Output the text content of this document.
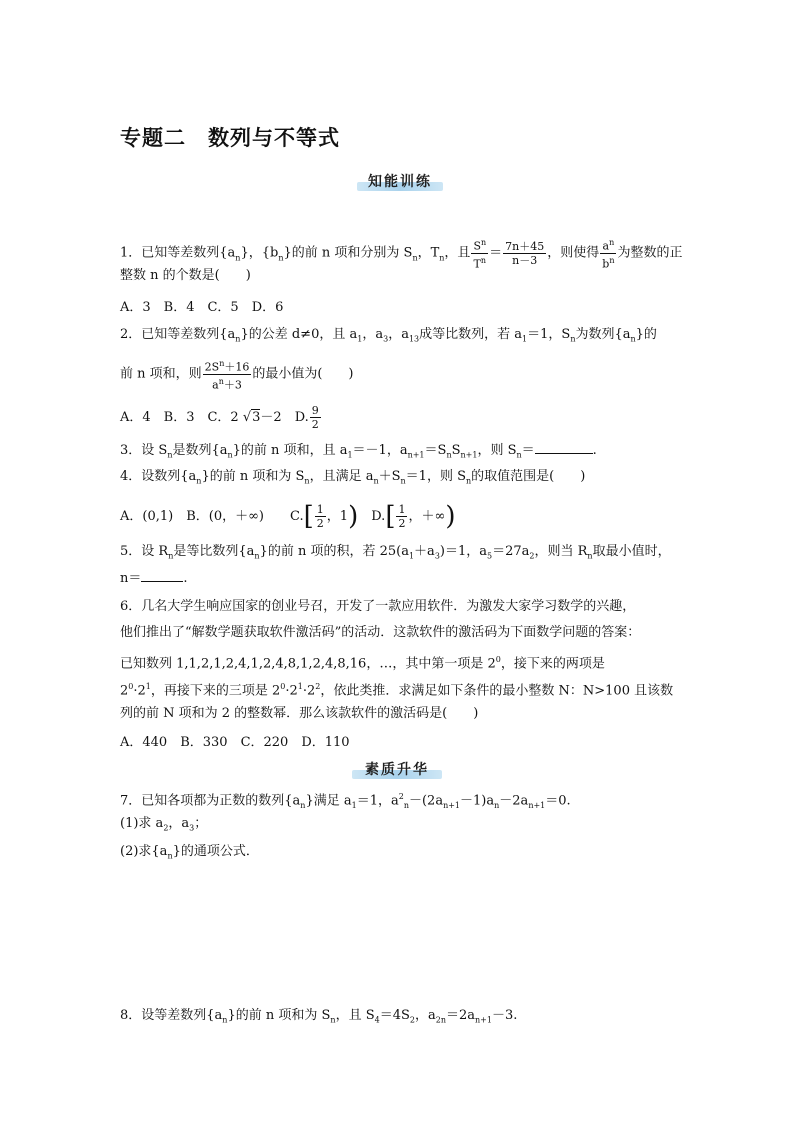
专题二　数列与不等式
知能训练
1．已知等差数列$\{a_n\}$，$\{b_n\}$的前 n 项和分别为 $S_n$，$T_n$，且 $\frac{S^n}{T^n} = \frac{7n+45}{n-3}$ ，则使得 $\frac{a^n}{b^n}$ 为整数的正
整数 n 的个数是(　　)
A．3　B．4　C．5　D．6
2．已知等差数列$\{a_n\}$的公差 d≠0，且 $a_1$，$a_3$，$a_{13}$成等比数列，若 $a_1=1$，$S_n$为数列$\{a_n\}$的
前 n 项和，则 $\frac{2S^n+16}{a^n+3}$ 的最小值为(　　)
A．4　B．3　C．2 √3－2　D. $\frac{9}{2}$
3．设 $S_n$是数列$\{a_n\}$的前 n 项和，且 $a_1=-1$，$a_{n+1}=S_nS_{n+1}$，则 $S_n=$	.
4．设数列$\{a_n\}$的前 n 项和为 $S_n$，且满足 $a_n+S_n=1$，则 $S_n$的取值范围是(　　)
A．(0,1)　B．(0，＋∞)　　$C.[ \frac{1}{2}$ ，1)　$D.[ \frac{1}{2}$ ，＋∞)
5．设 $R_n$是等比数列$\{a_n\}$的前 n 项的积，若 $25(a_1+a_3)=1$，$a_5=27a_2$，则当 $R_n$取最小值时，
n＝	.
6．几名大学生响应国家的创业号召，开发了一款应用软件．为激发大家学习数学的兴趣，
他们推出了“解数学题获取软件激活码”的活动．这款软件的激活码为下面数学问题的答案：
已知数列 1,1,2,1,2,4,1,2,4,8,1,2,4,8,16，…，其中第一项是 $2^0$，接下来的两项是
$2^0\cdot 2^1$，再接下来的三项是 $2^0\cdot 2^1\cdot 2^2$，依此类推．求满足如下条件的最小整数 N：N>100 且该数
列的前 N 项和为 2 的整数幂．那么该款软件的激活码是(　　)
A．440　B．330　C．220　D．110
素质升华
7．已知各项都为正数的数列$\{a_n\}$满足 $a_1=1$，$a^2_n-(2a_{n+1}-1)a_n-2a_{n+1}=0$.
(1)求 $a_2$，$a_3$；
(2)求$\{a_n\}$的通项公式．
8．设等差数列$\{a_n\}$的前 n 项和为 $S_n$，且 $S_4=4S_2$，$a_{2n}=2a_{n+1}-3$.
